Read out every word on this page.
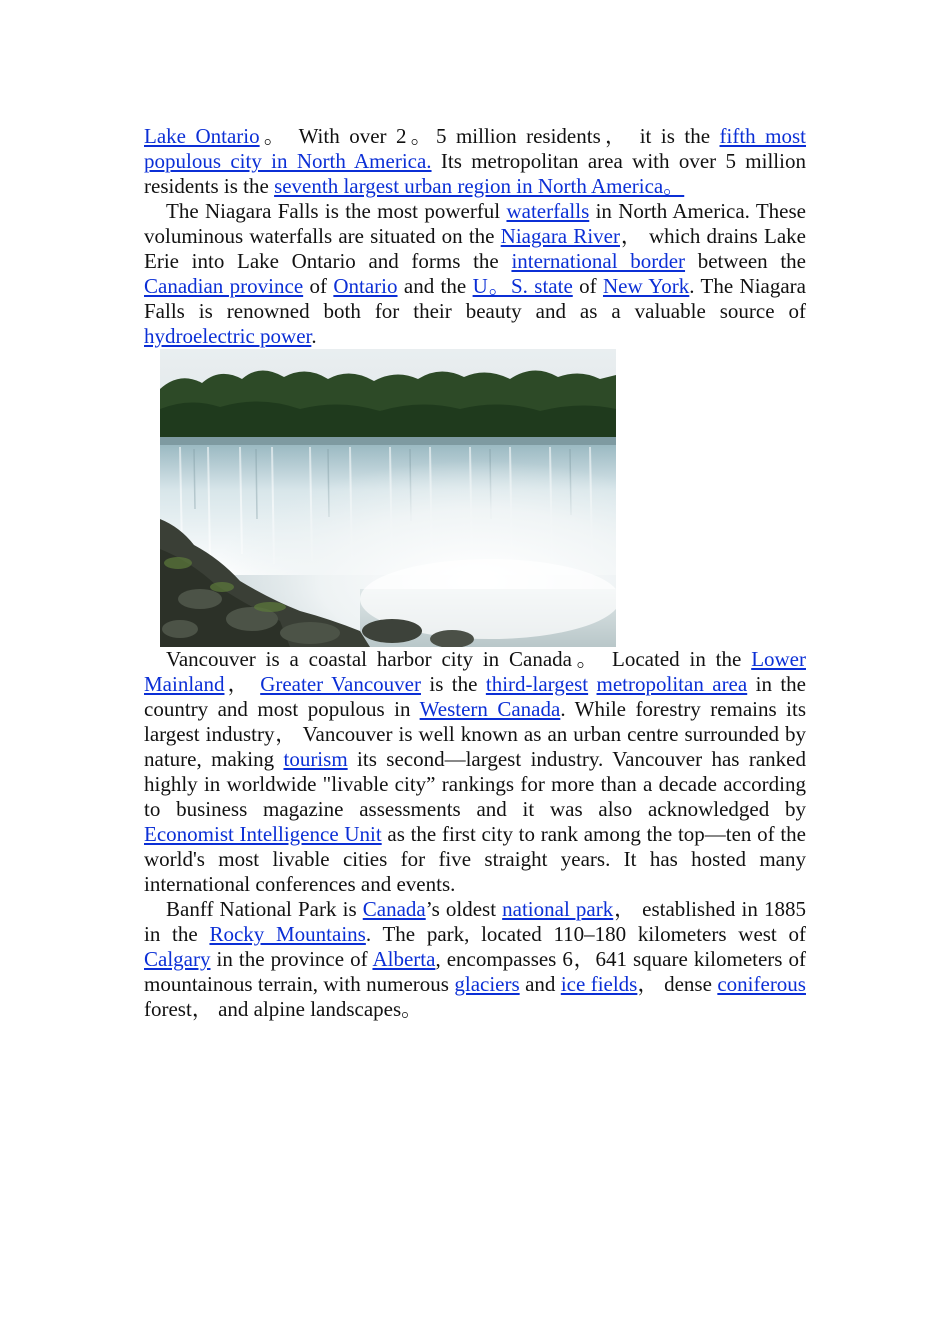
Lake Ontario。 With over 2。5 million residents， it is the fifth most populous city in North America. Its metropolitan area with over 5 million residents is the seventh largest urban region in North America。

The Niagara Falls is the most powerful waterfalls in North America. These voluminous waterfalls are situated on the Niagara River， which drains Lake Erie into Lake Ontario and forms the international border between the Canadian province of Ontario and the U。S. state of New York. The Niagara Falls is renowned both for their beauty and as a valuable source of hydroelectric power.

Vancouver is a coastal harbor city in Canada。 Located in the Lower Mainland， Greater Vancouver is the third-largest metropolitan area in the country and most populous in Western Canada. While forestry remains its largest industry， Vancouver is well known as an urban centre surrounded by nature, making tourism its second—largest industry. Vancouver has ranked highly in worldwide "livable city” rankings for more than a decade according to business magazine assessments and it was also acknowledged by Economist Intelligence Unit as the first city to rank among the top—ten of the world's most livable cities for five straight years. It has hosted many international conferences and events.

Banff National Park is Canada’s oldest national park， established in 1885 in the Rocky Mountains. The park, located 110–180 kilometers west of Calgary in the province of Alberta, encompasses 6，641 square kilometers of mountainous terrain, with numerous glaciers and ice fields， dense coniferous forest， and alpine landscapes。
